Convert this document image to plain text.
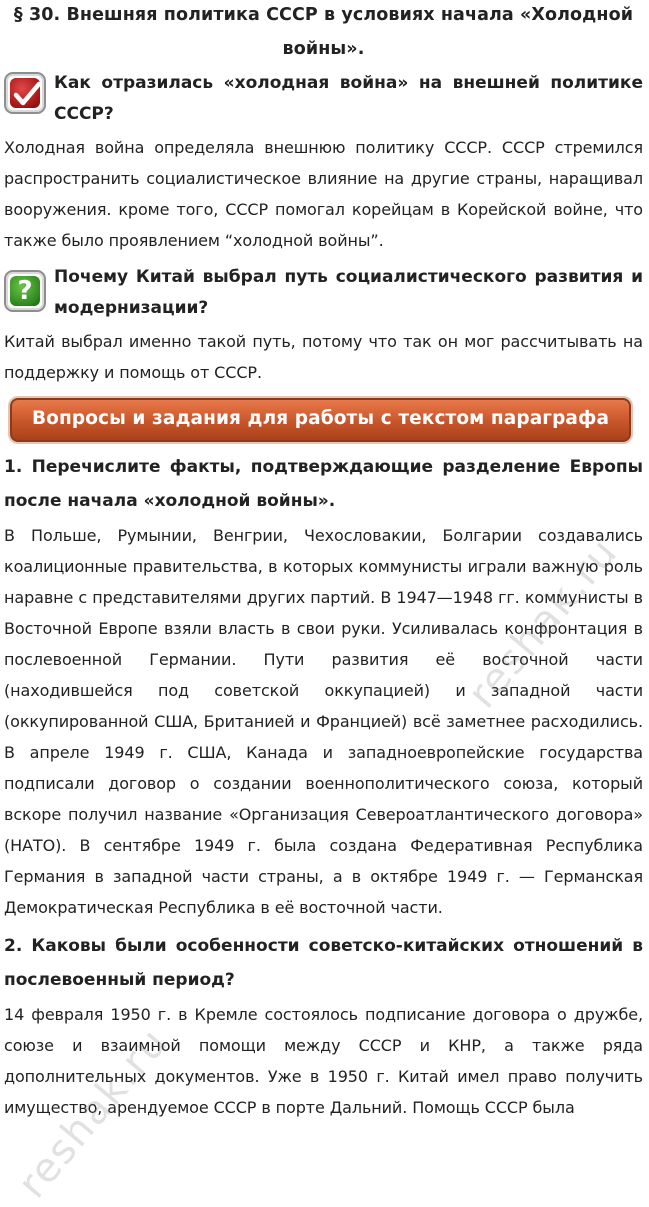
§ 30. Внешняя политика СССР в условиях начала «Холодной войны».
Как отразилась «холодная война» на внешней политике СССР?

Холодная война определяла внешнюю политику СССР. СССР стремился распространить социалистическое влияние на другие страны, наращивал вооружения. кроме того, СССР помогал корейцам в Корейской войне, что также было проявлением “холодной войны”.

?	Почему Китай выбрал путь социалистического развития и модернизации?

Китай выбрал именно такой путь, потому что так он мог рассчитывать на поддержку и помощь от СССР.

Вопросы и задания для работы с текстом параграфа
1. Перечислите факты, подтверждающие разделение Европы после начала «холодной войны».

В Польше, Румынии, Венгрии, Чехословакии, Болгарии создавались коалиционные правительства, в которых коммунисты играли важную роль наравне с представителями других партий. В 1947—1948 гг. коммунисты в Восточной Европе взяли власть в свои руки. Усиливалась конфронтация в послевоенной Германии. Пути развития её восточной части (находившейся под советской оккупацией) и западной части (оккупированной США, Британией и Францией) всё заметнее расходились. В апреле 1949 г. США, Канада и западноевропейские государства подписали договор о создании военнополитического союза, который вскоре получил название «Организация Североатлантического договора» (НАТО). В сентябре 1949 г. была создана Федеративная Республика Германия в западной части страны, а в октябре 1949 г. — Германская Демократическая Республика в её восточной части.

2. Каковы были особенности советско-китайских отношений в послевоенный период?

14 февраля 1950 г. в Кремле состоялось подписание договора о дружбе, союзе и взаимной помощи между СССР и КНР, а также ряда дополнительных документов. Уже в 1950 г. Китай имел право получить имущество, арендуемое СССР в порте Дальний. Помощь СССР была

reshak.ru
reshak.ru
